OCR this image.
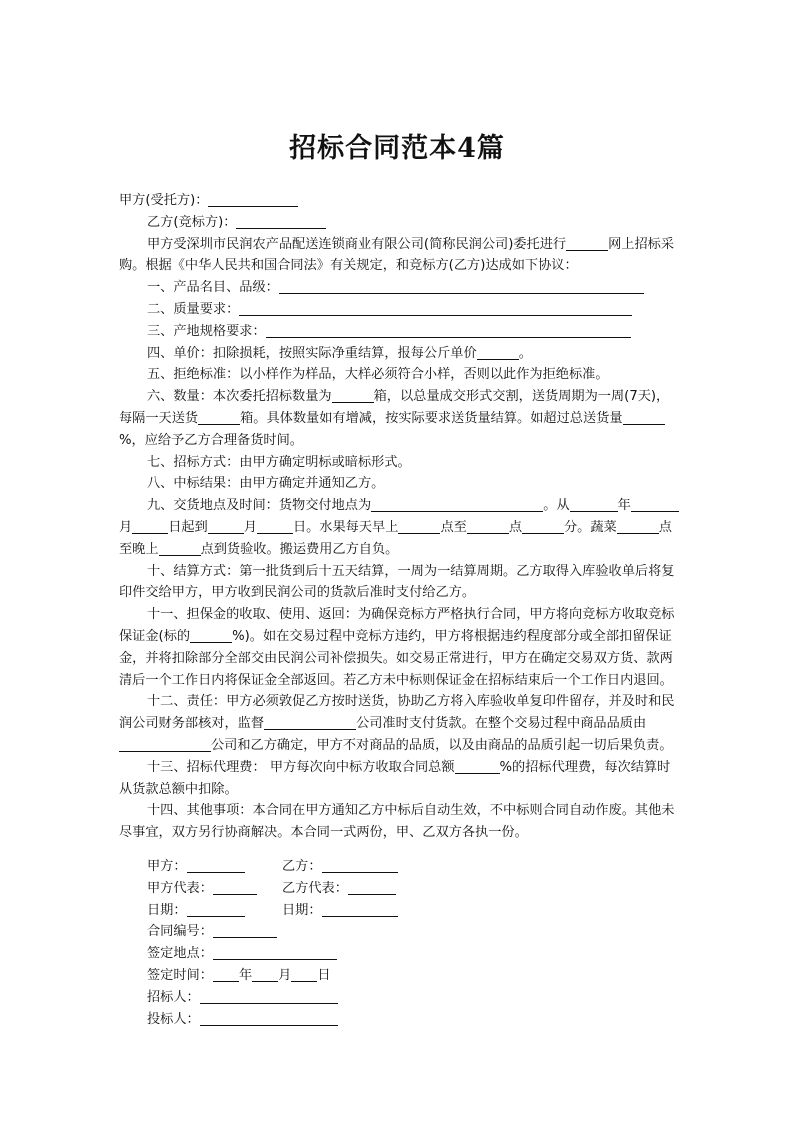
招标合同范本4篇

甲方(受托方)：

乙方(竞标方)：

甲方受深圳市民润农产品配送连锁商业有限公司(简称民润公司)委托进行	网上招标采购。根据《中华人民共和国合同法》有关规定，和竞标方(乙方)达成如下协议：

一、产品名目、品级：

二、质量要求：

三、产地规格要求：

四、单价：扣除损耗，按照实际净重结算，报每公斤单价	。

五、拒绝标准：以小样作为样品，大样必须符合小样，否则以此作为拒绝标准。

六、数量：本次委托招标数量为	箱，以总量成交形式交割，送货周期为一周(7天)，每隔一天送货	箱。具体数量如有增减，按实际要求送货量结算。如超过总送货量%，应给予乙方合理备货时间。

七、招标方式：由甲方确定明标或暗标形式。

八、中标结果：由甲方确定并通知乙方。

九、交货地点及时间：货物交付地点为	。从	年月	日起到	月	日。水果每天早上	点至	点	分。蔬菜	点至晚上	点到货验收。搬运费用乙方自负。

十、结算方式：第一批货到后十五天结算，一周为一结算周期。乙方取得入库验收单后将复印件交给甲方，甲方收到民润公司的货款后准时支付给乙方。

十一、担保金的收取、使用、返回：为确保竞标方严格执行合同，甲方将向竞标方收取竞标保证金(标的	%)。如在交易过程中竞标方违约，甲方将根据违约程度部分或全部扣留保证金，并将扣除部分全部交由民润公司补偿损失。如交易正常进行，甲方在确定交易双方货、款两清后一个工作日内将保证金全部返回。若乙方未中标则保证金在招标结束后一个工作日内退回。

十二、责任：甲方必须敦促乙方按时送货，协助乙方将入库验收单复印件留存，并及时和民润公司财务部核对，监督	公司准时支付货款。在整个交易过程中商品品质由公司和乙方确定，甲方不对商品的品质，以及由商品的品质引起一切后果负责。

十三、招标代理费： 甲方每次向中标方收取合同总额	%的招标代理费，每次结算时从货款总额中扣除。

十四、其他事项：本合同在甲方通知乙方中标后自动生效，不中标则合同自动作废。其他未尽事宜，双方另行协商解决。本合同一式两份，甲、乙双方各执一份。

甲方：	乙方：
甲方代表：	乙方代表：
日期：	日期：
合同编号：
签定地点：
签定时间： 年 月 日
招标人：
投标人：
